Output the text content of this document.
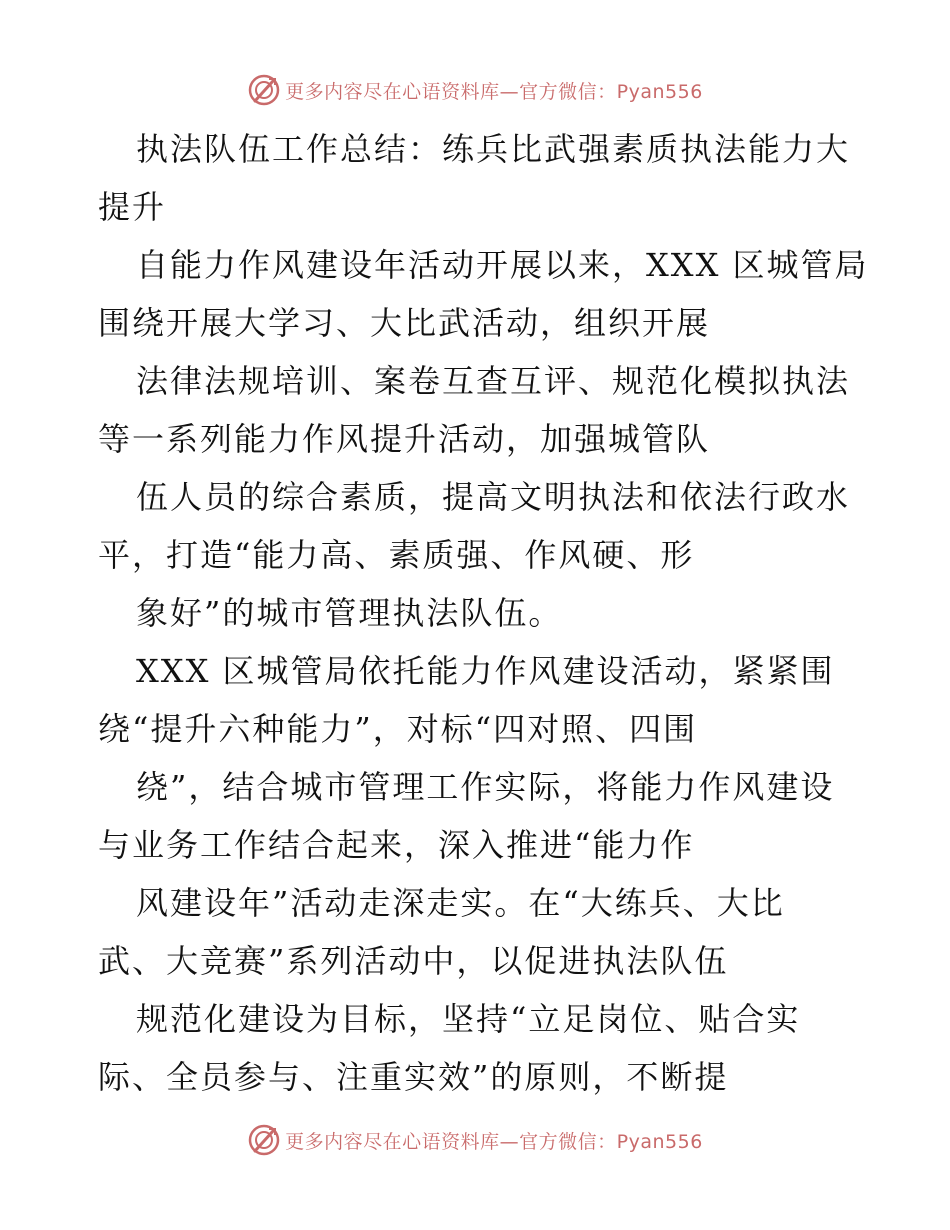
更多内容尽在心语资料库—官方微信：Pyan556
执法队伍工作总结：练兵比武强素质执法能力大
提升
自能力作风建设年活动开展以来，XXX 区城管局
围绕开展大学习、大比武活动，组织开展
法律法规培训、案卷互查互评、规范化模拟执法
等一系列能力作风提升活动，加强城管队
伍人员的综合素质，提高文明执法和依法行政水
平，打造“能力高、素质强、作风硬、形
象好”的城市管理执法队伍。
XXX 区城管局依托能力作风建设活动，紧紧围
绕“提升六种能力”，对标“四对照、四围
绕”，结合城市管理工作实际，将能力作风建设
与业务工作结合起来，深入推进“能力作
风建设年”活动走深走实。在“大练兵、大比
武、大竞赛”系列活动中，以促进执法队伍
规范化建设为目标，坚持“立足岗位、贴合实
际、全员参与、注重实效”的原则，不断提
更多内容尽在心语资料库—官方微信：Pyan556
